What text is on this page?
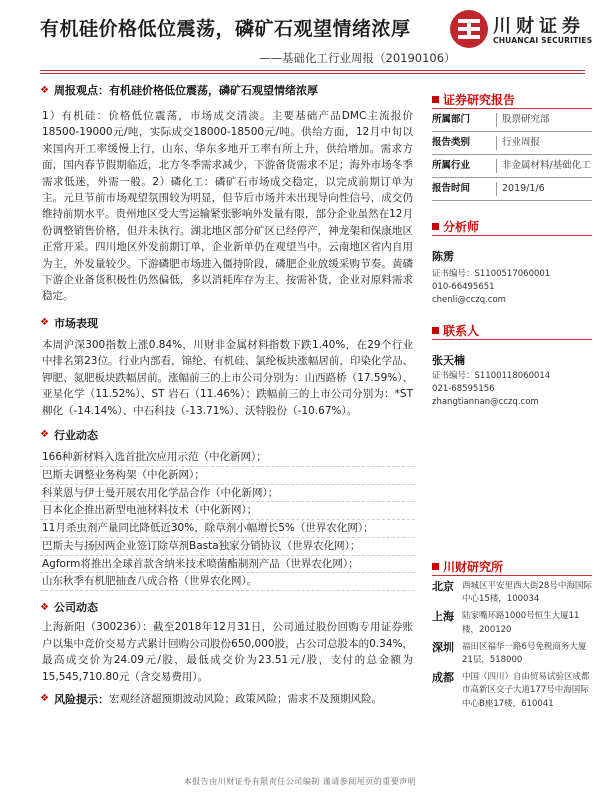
有机硅价格低位震荡，磷矿石观望情绪浓厚
——基础化工行业周报（20190106）
川财证券
CHUANCAI SECURITIES
❖ 周报观点：有机硅价格低位震荡，磷矿石观望情绪浓厚
1）有机硅：价格低位震荡，市场成交清淡。主要基础产品DMC主流报价18500-19000元/吨，实际成交18000-18500元/吨。供给方面，12月中旬以来国内开工率缓慢上行，山东、华东多地开工率有所上升，供给增加。需求方面，国内春节假期临近，北方冬季需求减少，下游备货需求不足；海外市场冬季需求低迷，外需一般。2）磷化工：磷矿石市场成交稳定，以完成前期订单为主。元旦节前市场观望氛围较为明显，但节后市场并未出现导向性信号，成交仍维持前期水平。贵州地区受大雪运输紧张影响外发量有限，部分企业虽然在12月份调整销售价格，但并未执行。湖北地区部分矿区已经停产，神龙架和保康地区正常开采。四川地区外发前期订单，企业新单仍在观望当中。云南地区省内自用为主，外发量较少。下游磷肥市场进入僵持阶段，磷肥企业放缓采购节奏。黄磷下游企业备货积极性仍然偏低，多以消耗库存为主，按需补货，企业对原料需求稳定。
❖ 市场表现
本周沪深300指数上涨0.84%，川财非金属材料指数下跌1.40%，在29个行业中排名第23位。行业内部看，锦纶、有机硅、氯纶板块涨幅居前，印染化学品、钾肥、氮肥板块跌幅居前。涨幅前三的上市公司分别为：山西路桥（17.59%）、亚星化学（11.52%）、ST 岩石（11.46%）；跌幅前三的上市公司分别为：*ST 柳化（-14.14%）、中石科技（-13.71%）、沃特股份（-10.67%）。
❖ 行业动态
166种新材料入选首批次应用示范（中化新网）；
巴斯夫调整业务构架（中化新网）；
科莱恩与伊士曼开展农用化学品合作（中化新网）；
日本化企推出新型电池材料技术（中化新网）；
11月杀虫剂产量同比降低近30%，除草剂小幅增长5%（世界农化网）；
巴斯夫与扬因两企业签订除草剂Basta独家分销协议（世界农化网）；
Agform将推出全球首款含纳米技术喷菌酯制剂产品（世界农化网）；
山东秋季有机肥抽查八成合格（世界农化网）。
❖ 公司动态
上海新阳（300236）：截至2018年12月31日，公司通过股份回购专用证券账户以集中竞价交易方式累计回购公司股份650,000股，占公司总股本的0.34%，最高成交价为24.09元/股，最低成交价为23.51元/股，支付的总金额为15,545,710.80元（含交易费用）。
❖ 风险提示： 宏观经济超预期波动风险；政策风险；需求不及预期风险。
证券研究报告
所属部门	股票研究部
报告类别	行业周报
所属行业	非金属材料/基础化工
报告时间	2019/1/6
分析师
陈雳
证书编号：S1100517060001
010-66495651
chenli@cczq.com
联系人
张天楠
证书编号：S1100118060014
021-68595156
zhangtiannan@cczq.com
川财研究所
北京 西城区平安里西大街28号中海国际中心15楼，100034
上海 陆家嘴环路1000号恒生大厦11楼，200120
深圳 福田区福华一路6号免税商务大厦21层，518000
成都 中国（四川）自由贸易试验区成都市高新区交子大道177号中海国际中心B座17楼，610041
本报告由川财证券有限责任公司编制 谨请参阅尾页的重要声明
